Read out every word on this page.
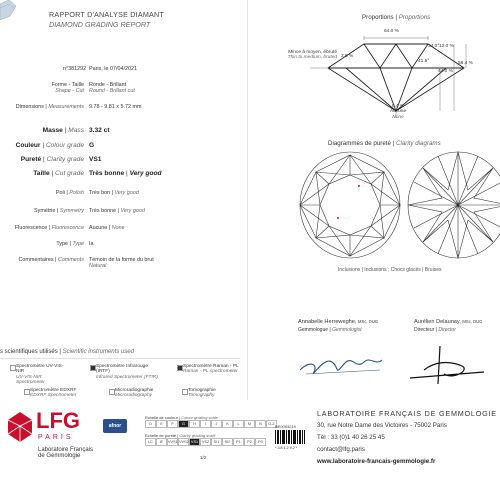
RAPPORT D'ANALYSE DIAMANT
DIAMOND GRADING REPORT
n°381292 Paris, le 07/04/2021
Forme - Taille
Shape - Cut
Ronde - Brillant
Round - Brillant cut
Dimensions | Measurements 9.78 - 9.81 x 5.72 mm
Masse | Mass 3.32 ct
Couleur | Colour grade G
Pureté | Clarity grade VS1
Taille | Cut grade Très bonne | Very good
Poli | Polish Très bon | Very good
Symétrie | Symmetry Très bonne | Very good
Fluorescence | Fluorescence Aucune | None
Type | Type Ia
Commentaires | Comments Témoin de la forme du brut
Natural
s scientifiques utilisés | Scientific instruments used
Spectromètre UV-VIS-NIR
UV-VIS-NIR Spectrometer
Spectromètre Infrarouge (IRTF)
Infrared Spectrometer (FTIR)
Spectromètre Raman - PL
Raman - PL spectrometer
Spectromètre EDXRF
EDXRF Spectrometer
Microradiographie
Microradiography
Tomographie
Tomography
Proportions | Proportions
64.0 %
34.0° 12.0 %
41.5°
44.0 %
58.4 %
2.0 %
Mince à moyen, ébruté
Thin to medium, bruted
0.4 %
Aucune
None
Diagrammes de pureté | Clarity diagrams
Inclusions | Inclusions ; Chocs glacés | Bruises
Annabelle Herreweghe, MSc, DUG
Gemmologue | Gemmologist
Aurélien Delaunay, MSc, DUG
Directeur | Director
LFG
PARIS
Laboratoire Français
de Gemmologie
afnor
Echelle de couleur | Colour grading scale
D	E	F	G	H	I	J	K	L	M	N	O-Z
Echelle de pureté | Clarity grading scale
LC	IF	VVS1 VVS2 VS1	VS2	SI1	SI2	P1	P2	P3
1/2
BE0053219
*381292*
LABORATOIRE FRANÇAIS DE GEMMOLOGIE
30, rue Notre Dame des Victoires - 75002 Paris
Tél : 33 (0)1 40 26 25 45
contact@lfg.paris
www.laboratoire-francais-gemmologie.fr
